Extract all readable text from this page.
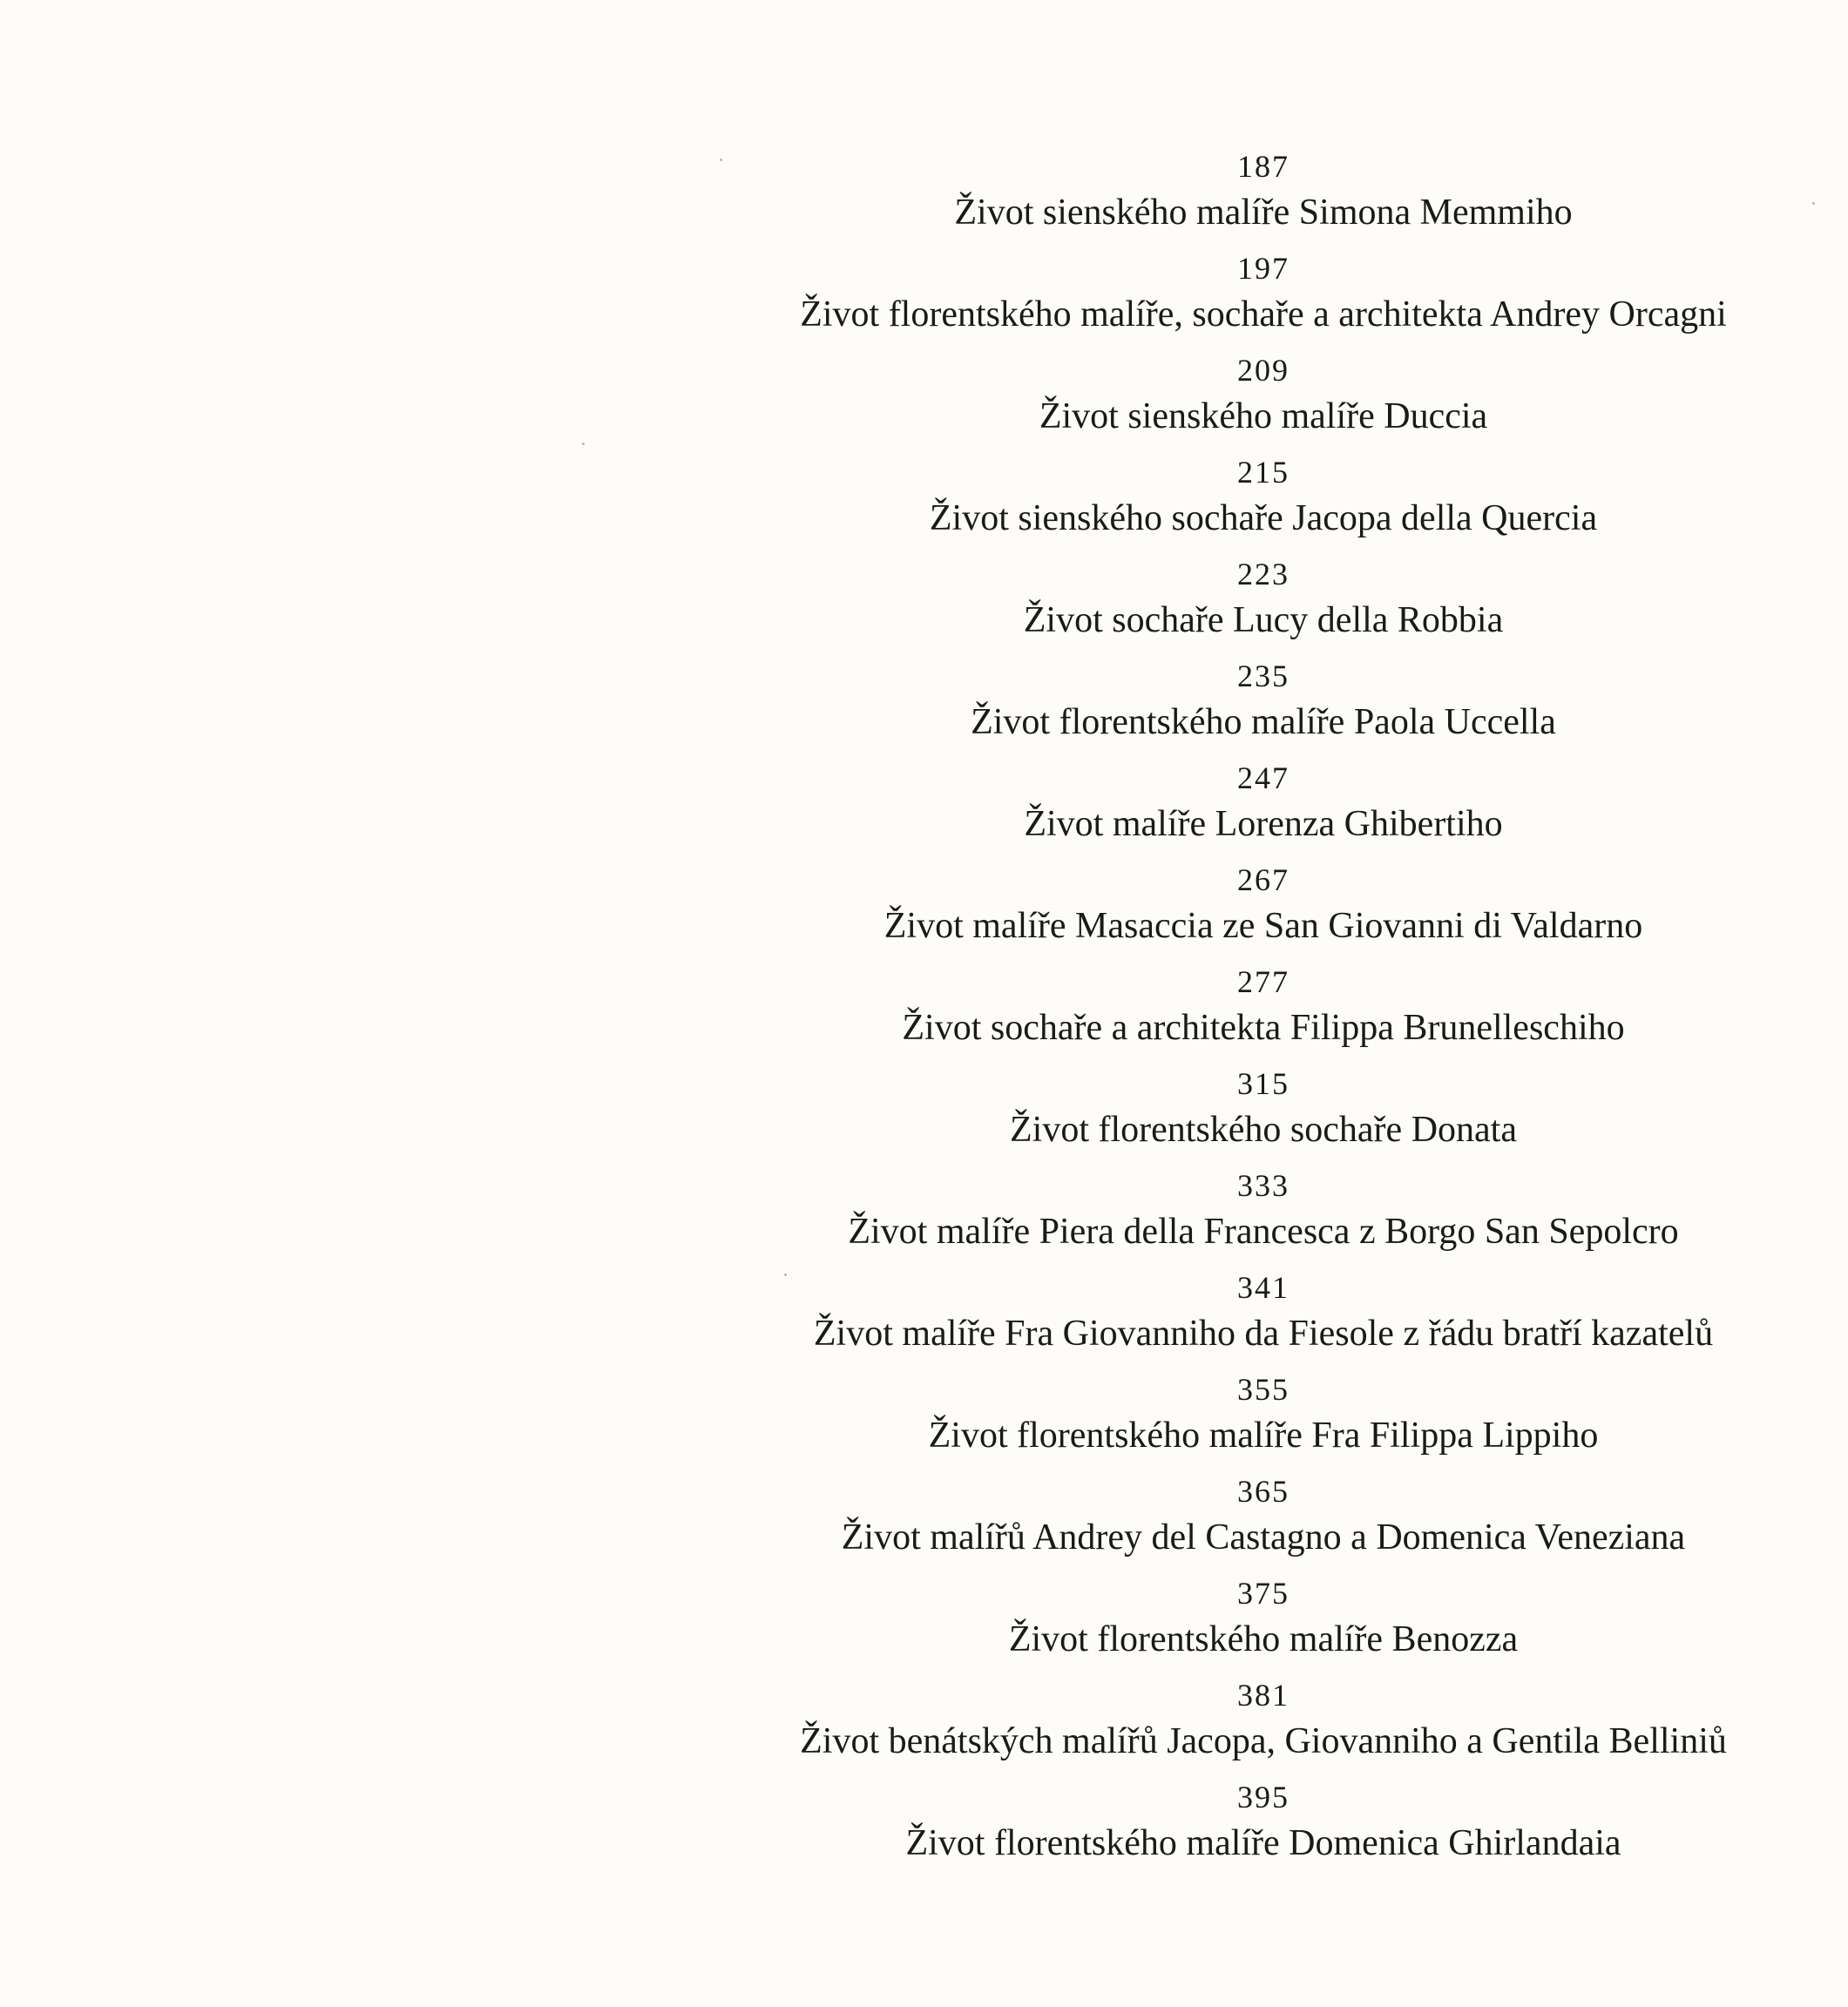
187
Život sienského malíře Simona Memmiho
197
Život florentského malíře, sochaře a architekta Andrey Orcagni
209
Život sienského malíře Duccia
215
Život sienského sochaře Jacopa della Quercia
223
Život sochaře Lucy della Robbia
235
Život florentského malíře Paola Uccella
247
Život malíře Lorenza Ghibertiho
267
Život malíře Masaccia ze San Giovanni di Valdarno
277
Život sochaře a architekta Filippa Brunelleschiho
315
Život florentského sochaře Donata
333
Život malíře Piera della Francesca z Borgo San Sepolcro
341
Život malíře Fra Giovanniho da Fiesole z řádu bratří kazatelů
355
Život florentského malíře Fra Filippa Lippiho
365
Život malířů Andrey del Castagno a Domenica Veneziana
375
Život florentského malíře Benozza
381
Život benátských malířů Jacopa, Giovanniho a Gentila Belliniů
395
Život florentského malíře Domenica Ghirlandaia
